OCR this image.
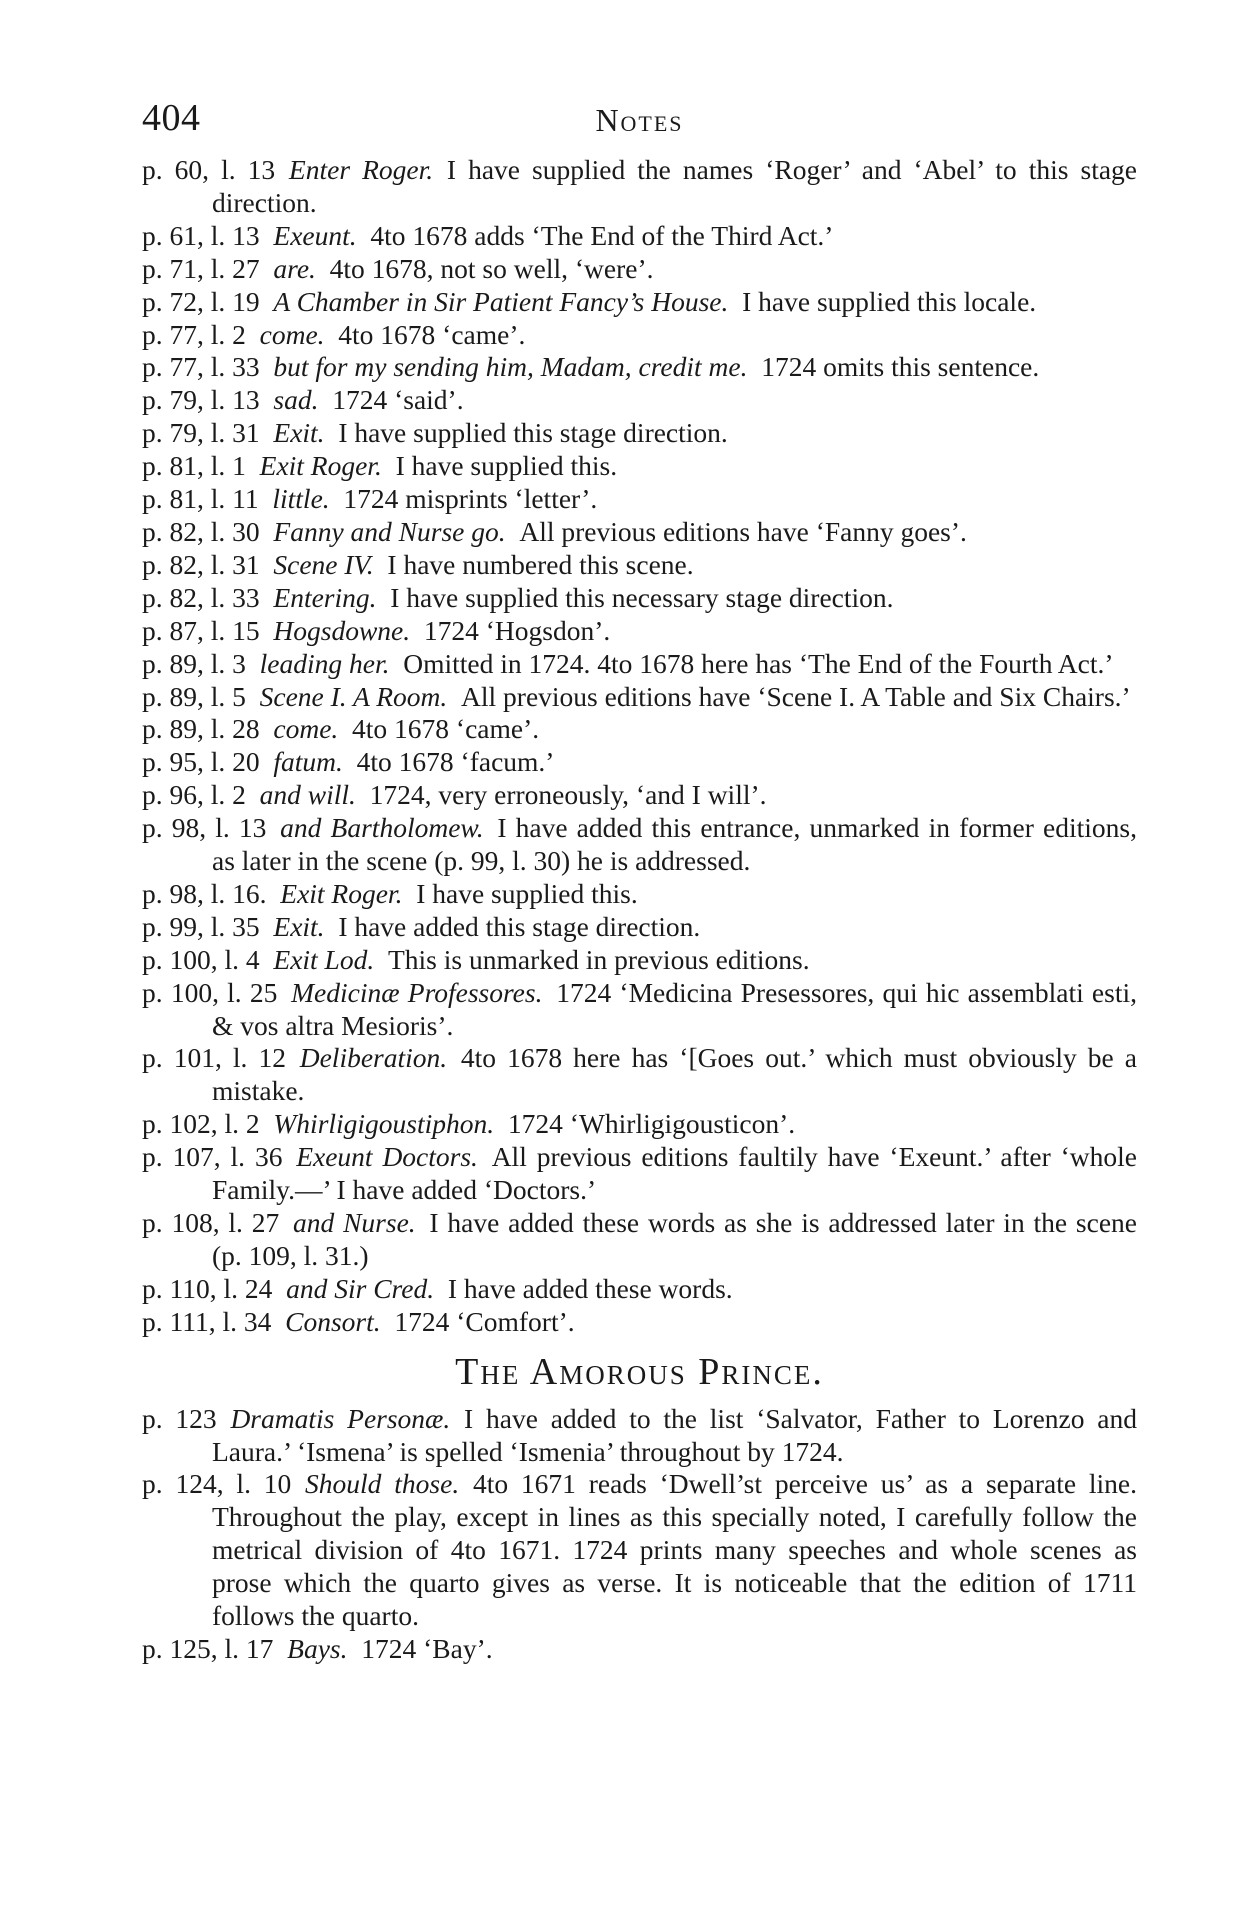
404	Notes
p. 60, l. 13  Enter Roger.  I have supplied the names ‘Roger’ and ‘Abel’ to this stage direction.
p. 61, l. 13  Exeunt.  4to 1678 adds ‘The End of the Third Act.’
p. 71, l. 27  are.  4to 1678, not so well, ‘were’.
p. 72, l. 19  A Chamber in Sir Patient Fancy’s House.  I have supplied this locale.
p. 77, l. 2  come.  4to 1678 ‘came’.
p. 77, l. 33  but for my sending him, Madam, credit me.  1724 omits this sentence.
p. 79, l. 13  sad.  1724 ‘said’.
p. 79, l. 31  Exit.  I have supplied this stage direction.
p. 81, l. 1  Exit Roger.  I have supplied this.
p. 81, l. 11  little.  1724 misprints ‘letter’.
p. 82, l. 30  Fanny and Nurse go.  All previous editions have ‘Fanny goes’.
p. 82, l. 31  Scene IV.  I have numbered this scene.
p. 82, l. 33  Entering.  I have supplied this necessary stage direction.
p. 87, l. 15  Hogsdowne.  1724 ‘Hogsdon’.
p. 89, l. 3  leading her.  Omitted in 1724. 4to 1678 here has ‘The End of the Fourth Act.’
p. 89, l. 5  Scene I. A Room.  All previous editions have ‘Scene I. A Table and Six Chairs.’
p. 89, l. 28  come.  4to 1678 ‘came’.
p. 95, l. 20  fatum.  4to 1678 ‘facum.’
p. 96, l. 2  and will.  1724, very erroneously, ‘and I will’.
p. 98, l. 13  and Bartholomew.  I have added this entrance, unmarked in former editions, as later in the scene (p. 99, l. 30) he is addressed.
p. 98, l. 16.  Exit Roger.  I have supplied this.
p. 99, l. 35  Exit.  I have added this stage direction.
p. 100, l. 4  Exit Lod.  This is unmarked in previous editions.
p. 100, l. 25  Medicinæ Professores.  1724 ‘Medicina Presessores, qui hic assemblati esti, & vos altra Mesioris’.
p. 101, l. 12  Deliberation.  4to 1678 here has ‘[Goes out.’ which must obviously be a mistake.
p. 102, l. 2  Whirligigoustiphon.  1724 ‘Whirligigousticon’.
p. 107, l. 36  Exeunt Doctors.  All previous editions faultily have ‘Exeunt.’ after ‘whole Family.—’ I have added ‘Doctors.’
p. 108, l. 27  and Nurse.  I have added these words as she is addressed later in the scene (p. 109, l. 31.)
p. 110, l. 24  and Sir Cred.  I have added these words.
p. 111, l. 34  Consort.  1724 ‘Comfort’.
The Amorous Prince.
p. 123  Dramatis Personæ.  I have added to the list ‘Salvator, Father to Lorenzo and Laura.’ ‘Ismena’ is spelled ‘Ismenia’ throughout by 1724.
p. 124, l. 10  Should those.  4to 1671 reads ‘Dwell’st perceive us’ as a separate line. Throughout the play, except in lines as this specially noted, I carefully follow the metrical division of 4to 1671. 1724 prints many speeches and whole scenes as prose which the quarto gives as verse. It is noticeable that the edition of 1711 follows the quarto.
p. 125, l. 17  Bays.  1724 ‘Bay’.
